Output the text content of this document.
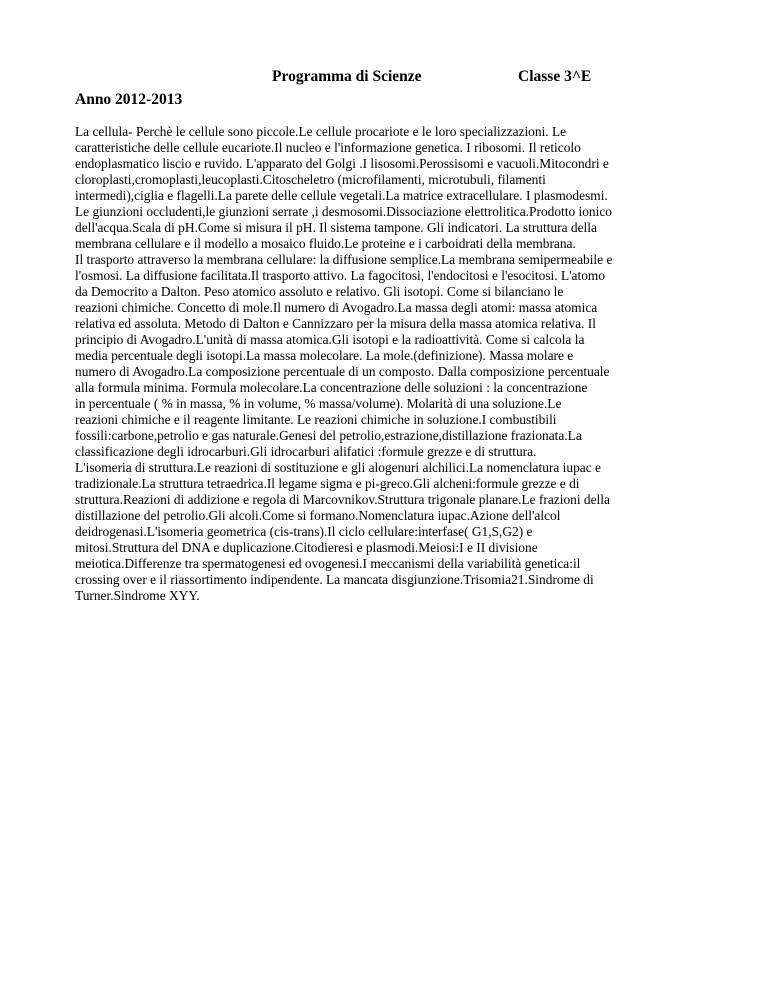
Programma di Scienze	Classe 3^E
Anno 2012-2013
La cellula- Perchè le cellule sono piccole.Le cellule procariote e le loro specializzazioni. Le
caratteristiche delle cellule eucariote.Il nucleo e l'informazione genetica. I ribosomi. Il reticolo
endoplasmatico liscio e ruvido. L'apparato del Golgi .I lisosomi.Perossisomi e vacuoli.Mitocondri e
cloroplasti,cromoplasti,leucoplasti.Citoscheletro (microfilamenti, microtubuli, filamenti
intermedi),ciglia e flagelli.La parete delle cellule vegetali.La matrice extracellulare. I plasmodesmi.
Le giunzioni occludenti,le giunzioni serrate ,i desmosomi.Dissociazione elettrolitica.Prodotto ionico
dell'acqua.Scala di pH.Come si misura il pH. Il sistema tampone. Gli indicatori. La struttura della
membrana cellulare e il modello a mosaico fluido.Le proteine e i carboidrati della membrana.
Il trasporto attraverso la membrana cellulare: la diffusione semplice.La membrana semipermeabile e
l'osmosi. La diffusione facilitata.Il trasporto attivo. La fagocitosi, l'endocitosi e l'esocitosi. L'atomo
da Democrito a Dalton. Peso atomico assoluto e relativo. Gli isotopi. Come si bilanciano le
reazioni chimiche. Concetto di mole.Il numero di Avogadro.La massa degli atomi: massa atomica
relativa ed assoluta. Metodo di Dalton e Cannizzaro per la misura della massa atomica relativa. Il
principio di Avogadro.L'unità di massa atomica.Gli isotopi e la radioattività. Come si calcola la
media percentuale degli isotopi.La massa molecolare. La mole.(definizione). Massa molare e
numero di Avogadro.La composizione percentuale di un composto. Dalla composizione percentuale
alla formula minima. Formula molecolare.La concentrazione delle soluzioni : la concentrazione
in percentuale ( % in massa, % in volume, % massa/volume). Molarità di una soluzione.Le
reazioni chimiche e il reagente limitante. Le reazioni chimiche in soluzione.I combustibili
fossili:carbone,petrolio e gas naturale.Genesi del petrolio,estrazione,distillazione frazionata.La
classificazione degli idrocarburi.Gli idrocarburi alifatici :formule grezze e di struttura.
L'isomeria di struttura.Le reazioni di sostituzione e gli alogenuri alchilici.La nomenclatura iupac e
tradizionale.La struttura tetraedrica.Il legame sigma e pi-greco.Gli alcheni:formule grezze e di
struttura.Reazioni di addizione e regola di Marcovnikov.Struttura trigonale planare.Le frazioni della
distillazione del petrolio.Gli alcoli.Come si formano.Nomenclatura iupac.Azione dell'alcol
deidrogenasi.L'isomeria geometrica (cis-trans).Il ciclo cellulare:interfase( G1,S,G2) e
mitosi.Struttura del DNA e duplicazione.Citodieresi e plasmodi.Meiosi:I e II divisione
meiotica.Differenze tra spermatogenesi ed ovogenesi.I meccanismi della variabilità genetica:il
crossing over e il riassortimento indipendente. La mancata disgiunzione.Trisomia21.Sindrome di
Turner.Sindrome XYY.
